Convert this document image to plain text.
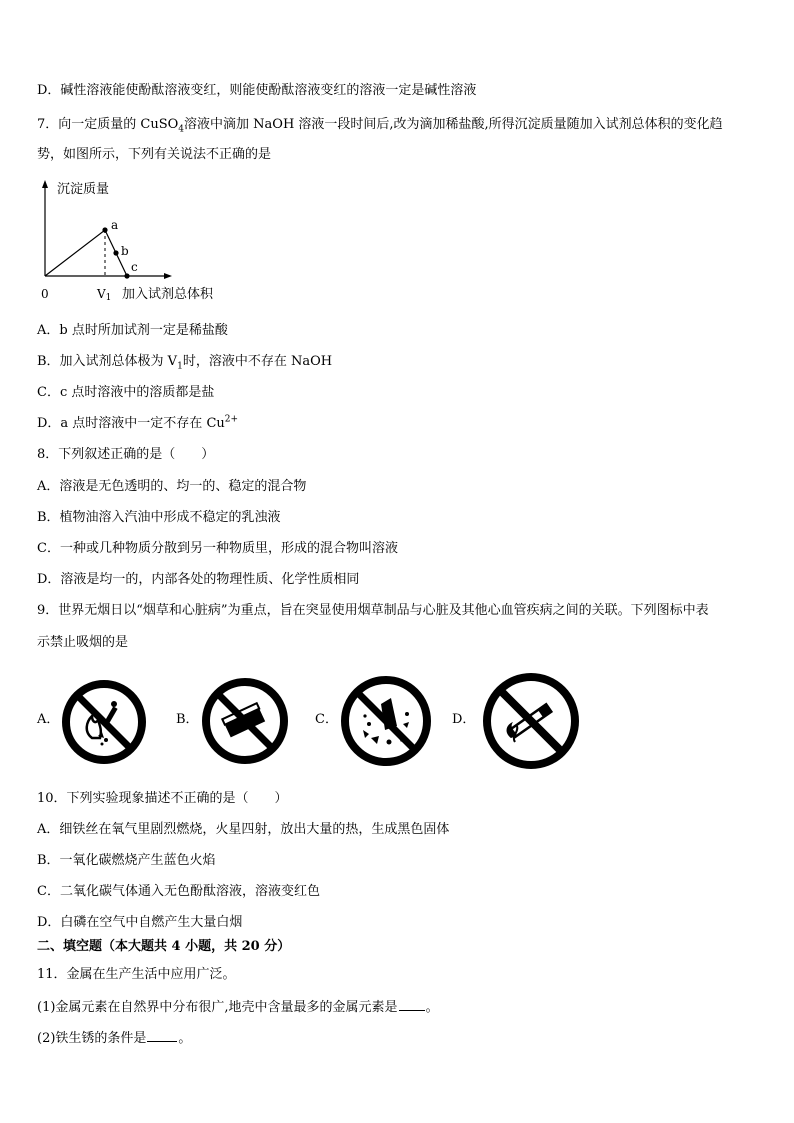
D．碱性溶液能使酚酞溶液变红，则能使酚酞溶液变红的溶液一定是碱性溶液
7．向一定质量的 CuSO$_4$溶液中滴加 NaOH 溶液一段时间后,改为滴加稀盐酸,所得沉淀质量随加入试剂总体积的变化趋
势，如图所示，下列有关说法不正确的是
沉淀质量
a
b
c
0	V1 加入试剂总体积
A．b 点时所加试剂一定是稀盐酸
B．加入试剂总体极为 $V_1$时，溶液中不存在 NaOH
C．c 点时溶液中的溶质都是盐
D．a 点时溶液中一定不存在 $Cu^{2+}$
8．下列叙述正确的是（　　）
A．溶液是无色透明的、均一的、稳定的混合物
B．植物油溶入汽油中形成不稳定的乳浊液
C．一种或几种物质分散到另一种物质里，形成的混合物叫溶液
D．溶液是均一的，内部各处的物理性质、化学性质相同
9．世界无烟日以“烟草和心脏病”为重点，旨在突显使用烟草制品与心脏及其他心血管疾病之间的关联。下列图标中表
示禁止吸烟的是
A．	B．	C．	D．
10．下列实验现象描述不正确的是（　　）
A．细铁丝在氧气里剧烈燃烧，火星四射，放出大量的热，生成黑色固体
B．一氧化碳燃烧产生蓝色火焰
C．二氧化碳气体通入无色酚酞溶液，溶液变红色
D．白磷在空气中自燃产生大量白烟
二、填空题（本大题共 4 小题，共 20 分）
11．金属在生产生活中应用广泛。
(1)金属元素在自然界中分布很广,地壳中含量最多的金属元素是 。
(2)铁生锈的条件是 。
